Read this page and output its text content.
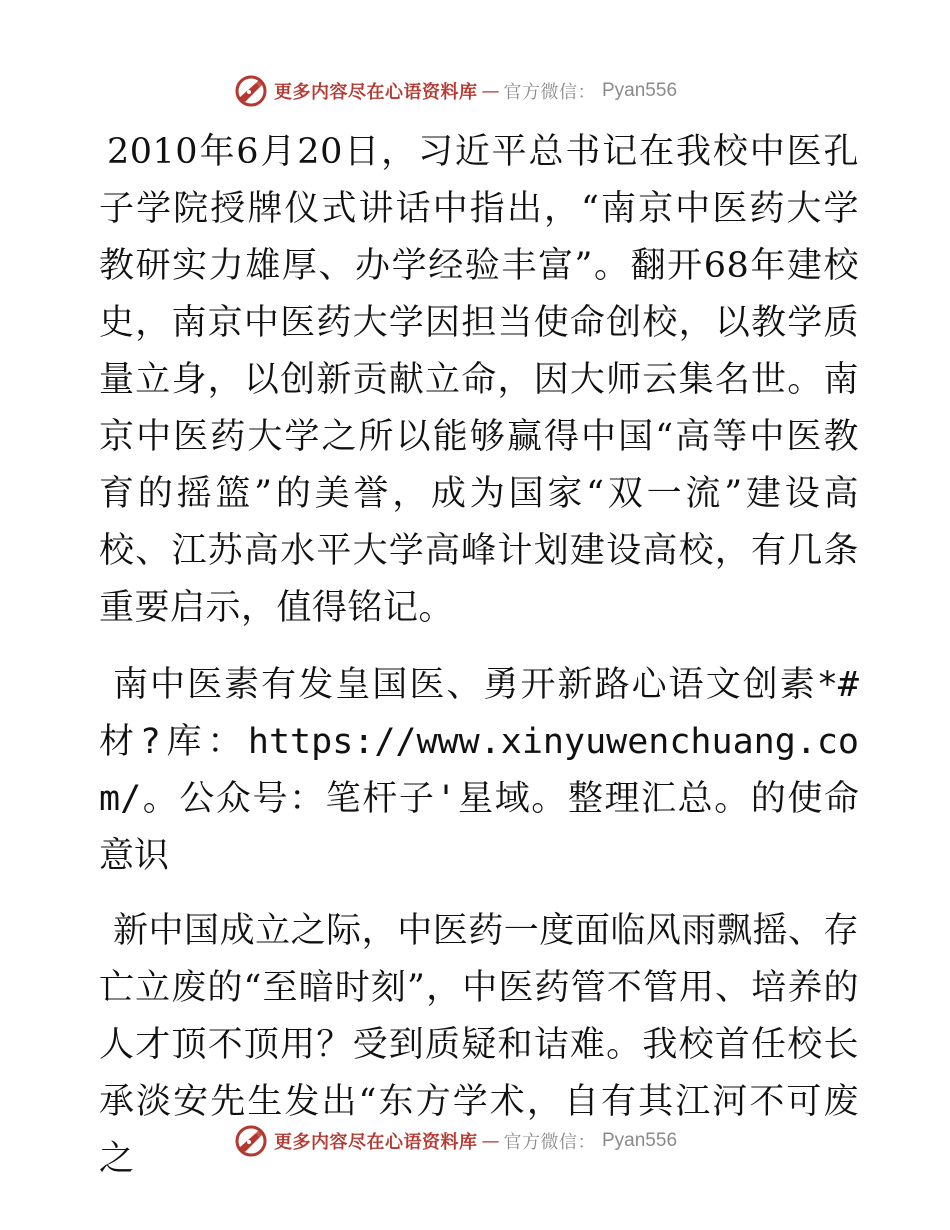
更多内容尽在心语资料库 — 官方微信： Pyan556

2010年6月20日，习近平总书记在我校中医孔子学院授牌仪式讲话中指出，“南京中医药大学教研实力雄厚、办学经验丰富”。翻开68年建校史，南京中医药大学因担当使命创校，以教学质量立身，以创新贡献立命，因大师云集名世。南京中医药大学之所以能够赢得中国“高等中医教育的摇篮”的美誉，成为国家“双一流”建设高校、江苏高水平大学高峰计划建设高校，有几条重要启示，值得铭记。

南中医素有发皇国医、勇开新路心语文创素*#材?库：https://www.xinyuwenchuang.com/。公众号：笔杆子'星域。整理汇总。的使命意识

新中国成立之际，中医药一度面临风雨飘摇、存亡立废的“至暗时刻”，中医药管不管用、培养的人才顶不顶用？受到质疑和诘难。我校首任校长承淡安先生发出“东方学术，自有其江河不可废之	更多内容尽在心语资料库 — 官方微信： Pyan556
